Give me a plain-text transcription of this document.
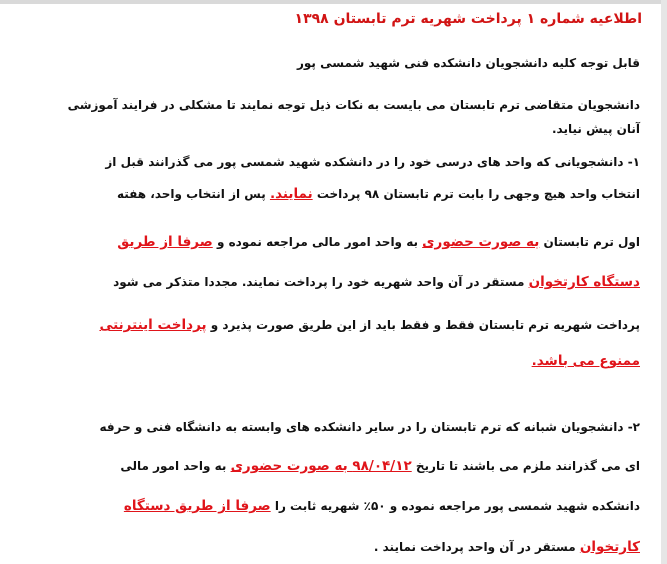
اطلاعیه شماره ۱ پرداخت شهریه ترم تابستان ۱۳۹۸
قابل توجه کلیه دانشجویان دانشکده فنی شهید شمسی پور
دانشجویان متقاضی ترم تابستان می بایست به نکات ذیل توجه نمایند تا مشکلی در فرایند آموزشی
آنان پیش نیاید.
۱- دانشجویانی که واحد های درسی خود را در دانشکده شهید شمسی پور می گذرانند قبل از
انتخاب واحد هیچ وجهی را بابت ترم تابستان ۹۸ پرداخت نمایند. پس از انتخاب واحد، هفته
اول ترم تابستان به صورت حضوری به واحد امور مالی مراجعه نموده و صرفا از طریق
دستگاه کارتخوان مستقر در آن واحد شهریه خود را پرداخت نمایند. مجددا متذکر می شود
پرداخت شهریه ترم تابستان فقط و فقط باید از این طریق صورت پذیرد و پرداخت اینترنتی
ممنوع می باشد.
۲- دانشجویان شبانه که ترم تابستان را در سایر دانشکده های وابسته به دانشگاه فنی و حرفه
ای می گذرانند ملزم می باشند تا تاریخ ۹۸/۰۴/۱۲ به صورت حضوری به واحد امور مالی
دانشکده شهید شمسی پور مراجعه نموده و ۵۰٪ شهریه ثابت را صرفا از طریق دستگاه
کارتخوان مستقر در آن واحد پرداخت نمایند .
